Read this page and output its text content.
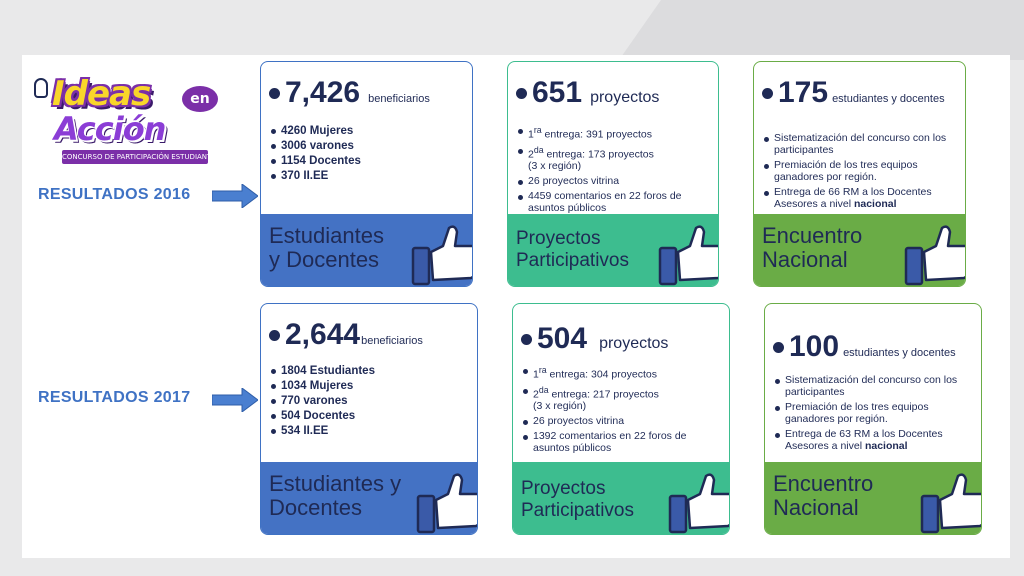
Ideas	en
Acción
CONCURSO DE PARTICIPACIÓN ESTUDIANTIL
RESULTADOS 2016
RESULTADOS 2017
7,426 beneficiarios
4260 Mujeres
3006 varones
1154 Docentes
370 II.EE
Estudiantes
y Docentes
651 proyectos
$1^{ra}$ entrega: 391 proyectos
$2^{da}$ entrega: 173 proyectos
(3 x región)
26 proyectos vitrina
4459 comentarios en 22 foros de asuntos públicos
Proyectos
Participativos
175 estudiantes y docentes
Sistematización del concurso con los participantes
Premiación de los tres equipos ganadores por región.
Entrega de 66 RM a los Docentes Asesores a nivel nacional
Encuentro
Nacional
2,644 beneficiarios
1804 Estudiantes
1034 Mujeres
770 varones
504 Docentes
534 II.EE
Estudiantes y
Docentes
504 proyectos
$1^{ra}$ entrega: 304 proyectos
$2^{da}$ entrega: 217 proyectos
(3 x región)
26 proyectos vitrina
1392 comentarios en 22 foros de asuntos públicos
Proyectos
Participativos
100 estudiantes y docentes
Sistematización del concurso con los participantes
Premiación de los tres equipos ganadores por región.
Entrega de 63 RM a los Docentes Asesores a nivel nacional
Encuentro
Nacional
